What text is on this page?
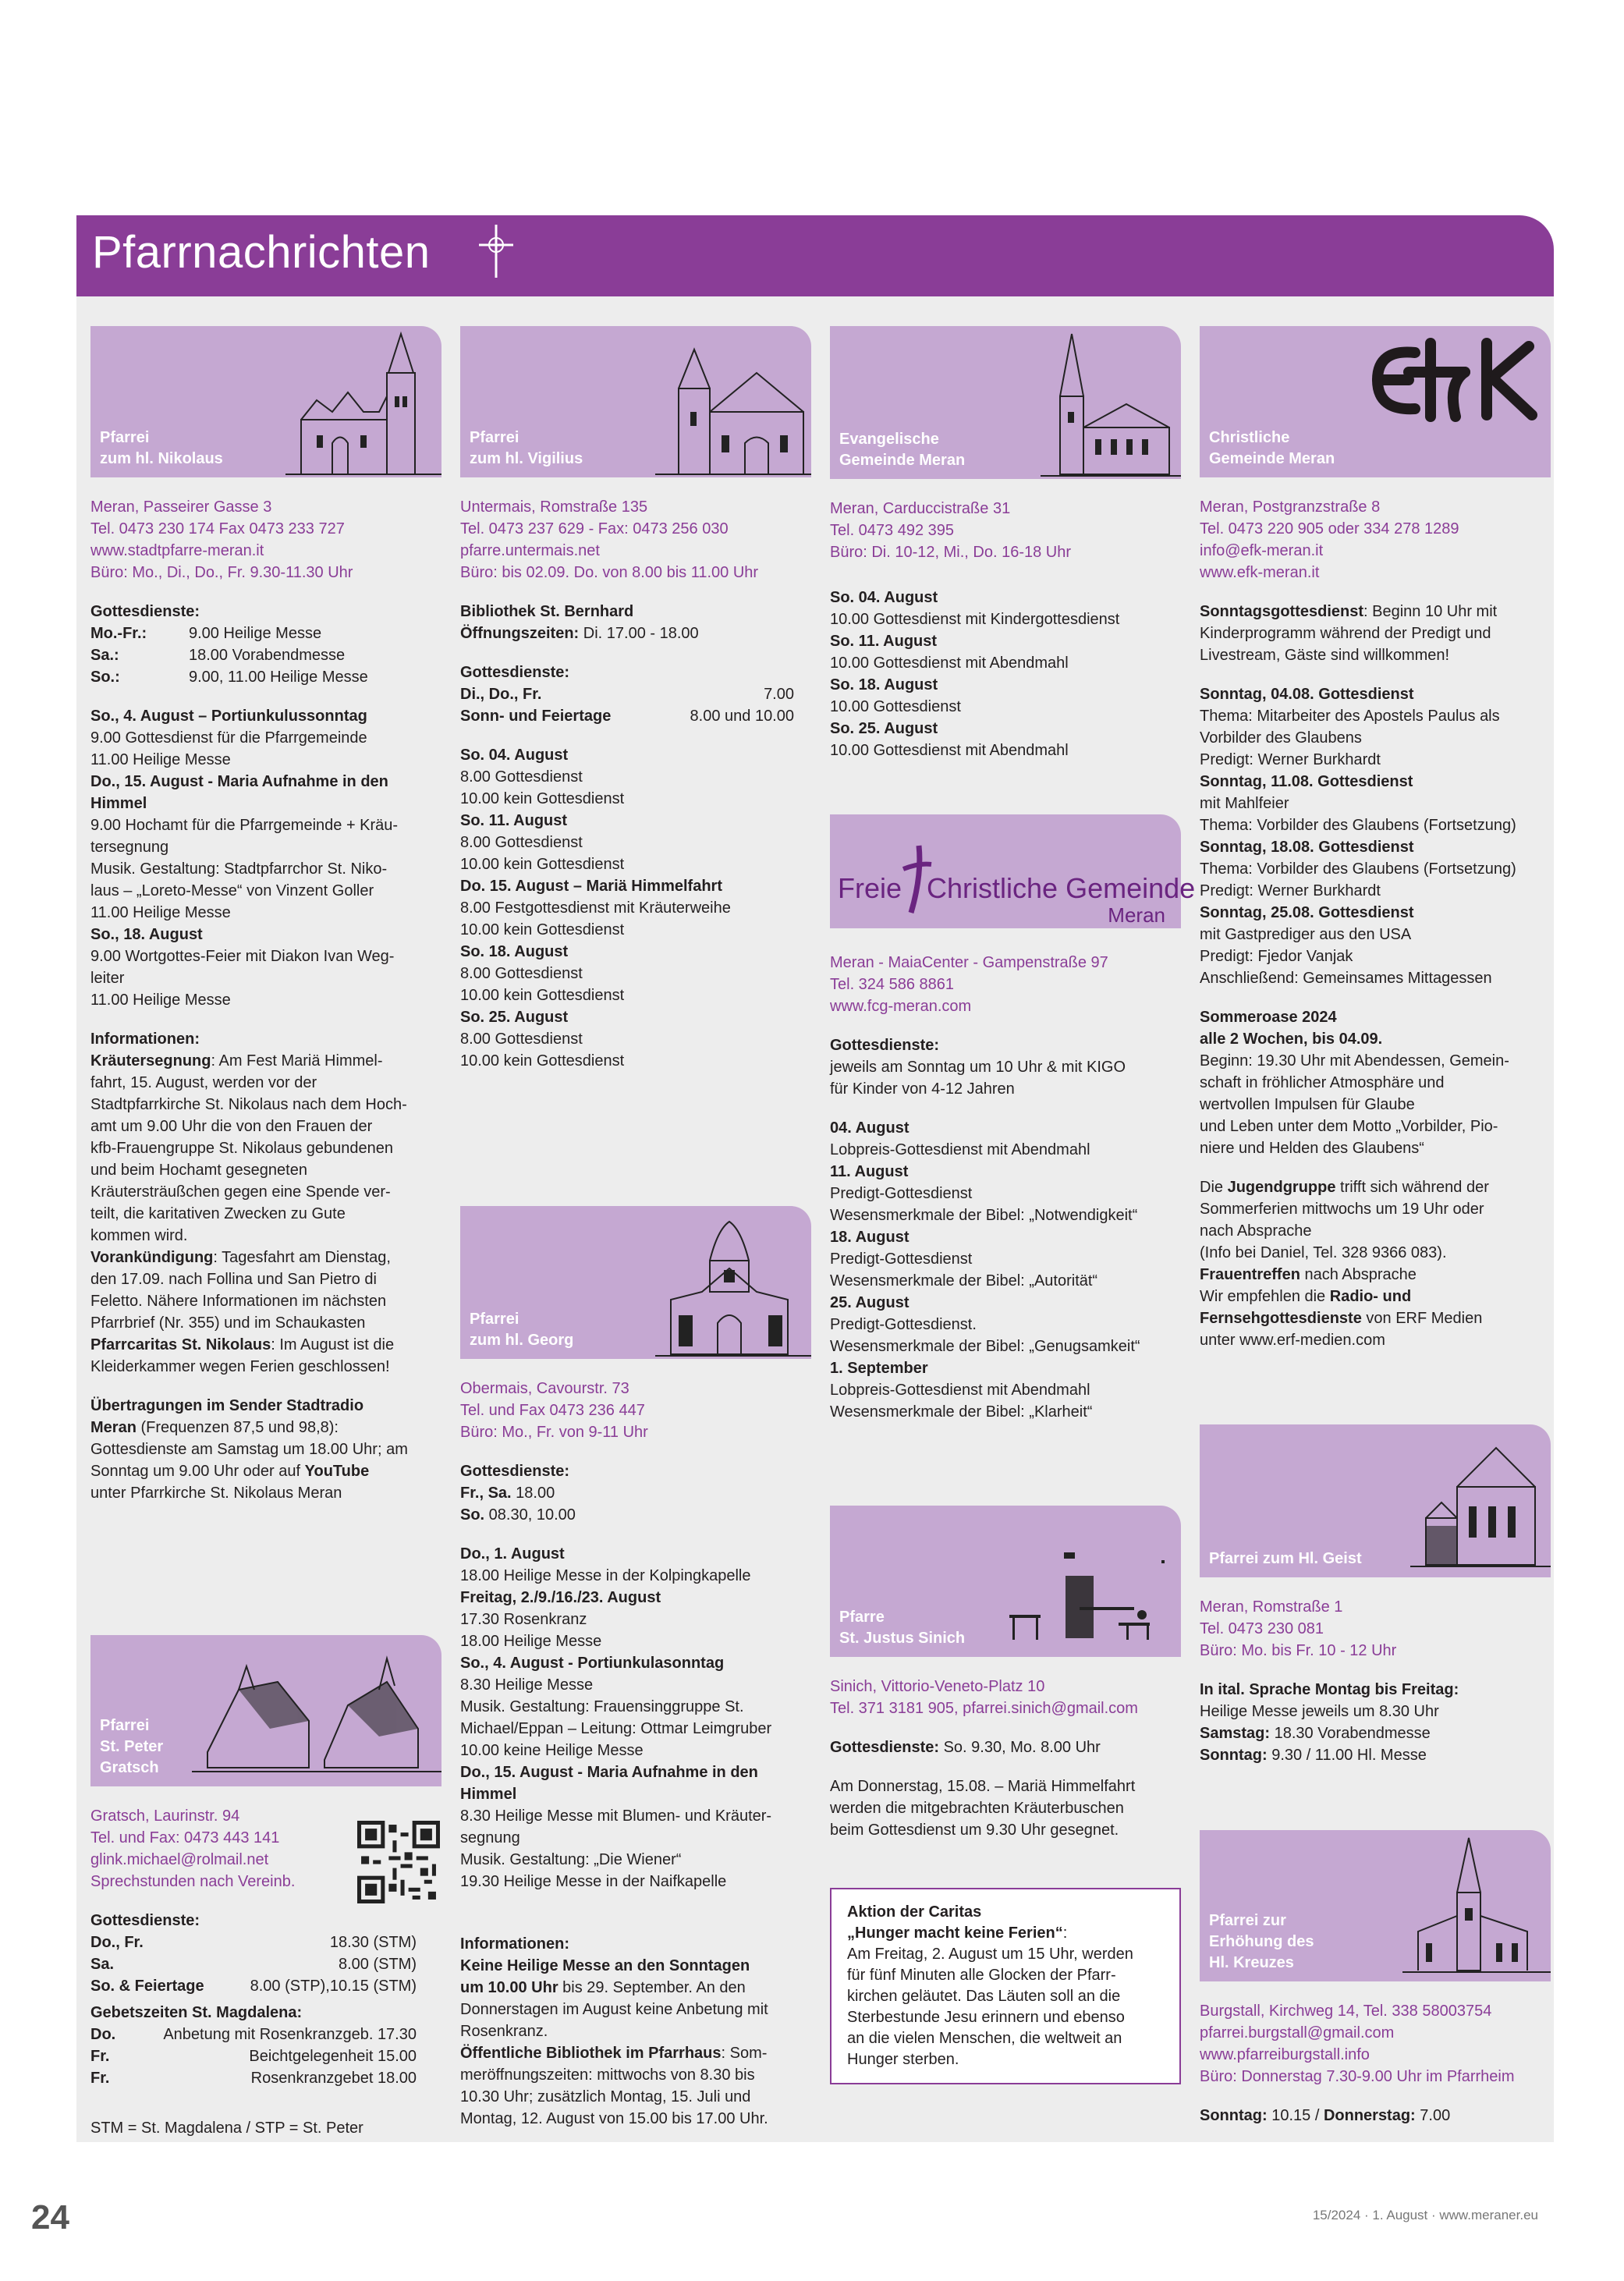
Pfarrnachrichten
Pfarrei
zum hl. Nikolaus
Meran, Passeirer Gasse 3
Tel. 0473 230 174 Fax 0473 233 727
www.stadtpfarre-meran.it
Büro: Mo., Di., Do., Fr. 9.30-11.30 Uhr
Gottesdienste:
Mo.-Fr.:	9.00 Heilige Messe
Sa.:	18.00 Vorabendmesse
So.:	9.00, 11.00 Heilige Messe
So., 4. August – Portiunkulussonntag
9.00 Gottesdienst für die Pfarrgemeinde
11.00 Heilige Messe
Do., 15. August - Maria Aufnahme in den
Himmel
9.00 Hochamt für die Pfarrgemeinde + Kräu-
tersegnung
Musik. Gestaltung: Stadtpfarrchor St. Niko-
laus – „Loreto-Messe“ von Vinzent Goller
11.00 Heilige Messe
So., 18. August
9.00 Wortgottes-Feier mit Diakon Ivan Weg-
leiter
11.00 Heilige Messe
Informationen:
Kräutersegnung: Am Fest Mariä Himmel-
fahrt, 15. August, werden vor der
Stadtpfarrkirche St. Nikolaus nach dem Hoch-
amt um 9.00 Uhr die von den Frauen der
kfb-Frauengruppe St. Nikolaus gebundenen
und beim Hochamt gesegneten
Kräutersträußchen gegen eine Spende ver-
teilt, die karitativen Zwecken zu Gute
kommen wird.
Vorankündigung: Tagesfahrt am Dienstag,
den 17.09. nach Follina und San Pietro di
Feletto. Nähere Informationen im nächsten
Pfarrbrief (Nr. 355) und im Schaukasten
Pfarrcaritas St. Nikolaus: Im August ist die
Kleiderkammer wegen Ferien geschlossen!
Übertragungen im Sender Stadtradio
Meran (Frequenzen 87,5 und 98,8):
Gottesdienste am Samstag um 18.00 Uhr; am
Sonntag um 9.00 Uhr oder auf YouTube
unter Pfarrkirche St. Nikolaus Meran
Pfarrei
St. Peter
Gratsch
Gratsch, Laurinstr. 94
Tel. und Fax: 0473 443 141
glink.michael@rolmail.net
Sprechstunden nach Vereinb.
Gottesdienste:
Do., Fr.	18.30 (STM)
Sa.	8.00 (STM)
So. & Feiertage	8.00 (STP),10.15 (STM)
Gebetszeiten St. Magdalena:
Do.	Anbetung mit Rosenkranzgeb. 17.30
Fr.	Beichtgelegenheit 15.00
Fr.	Rosenkranzgebet 18.00
STM = St. Magdalena / STP = St. Peter
Pfarrei
zum hl. Vigilius
Untermais, Romstraße 135
Tel. 0473 237 629 - Fax: 0473 256 030
pfarre.untermais.net
Büro: bis 02.09. Do. von 8.00 bis 11.00 Uhr
Bibliothek St. Bernhard
Öffnungszeiten: Di. 17.00 - 18.00
Gottesdienste:
Di., Do., Fr.	7.00
Sonn- und Feiertage	8.00 und 10.00
So. 04. August
8.00 Gottesdienst
10.00 kein Gottesdienst
So. 11. August
8.00 Gottesdienst
10.00 kein Gottesdienst
Do. 15. August – Mariä Himmelfahrt
8.00 Festgottesdienst mit Kräuterweihe
10.00 kein Gottesdienst
So. 18. August
8.00 Gottesdienst
10.00 kein Gottesdienst
So. 25. August
8.00 Gottesdienst
10.00 kein Gottesdienst
Pfarrei
zum hl. Georg
Obermais, Cavourstr. 73
Tel. und Fax 0473 236 447
Büro: Mo., Fr. von 9-11 Uhr
Gottesdienste:
Fr., Sa. 18.00
So. 08.30, 10.00
Do., 1. August
18.00 Heilige Messe in der Kolpingkapelle
Freitag, 2./9./16./23. August
17.30 Rosenkranz
18.00 Heilige Messe
So., 4. August - Portiunkulasonntag
8.30 Heilige Messe
Musik. Gestaltung: Frauensinggruppe St.
Michael/Eppan – Leitung: Ottmar Leimgruber
10.00 keine Heilige Messe
Do., 15. August - Maria Aufnahme in den
Himmel
8.30 Heilige Messe mit Blumen- und Kräuter-
segnung
Musik. Gestaltung: „Die Wiener“
19.30 Heilige Messe in der Naifkapelle
Informationen:
Keine Heilige Messe an den Sonntagen
um 10.00 Uhr bis 29. September. An den
Donnerstagen im August keine Anbetung mit
Rosenkranz.
Öffentliche Bibliothek im Pfarrhaus: Som-
meröffnungszeiten: mittwochs von 8.30 bis
10.30 Uhr; zusätzlich Montag, 15. Juli und
Montag, 12. August von 15.00 bis 17.00 Uhr.
Evangelische
Gemeinde Meran
Meran, Carduccistraße 31
Tel. 0473 492 395
Büro: Di. 10-12, Mi., Do. 16-18 Uhr
So. 04. August
10.00 Gottesdienst mit Kindergottesdienst
So. 11. August
10.00 Gottesdienst mit Abendmahl
So. 18. August
10.00 Gottesdienst
So. 25. August
10.00 Gottesdienst mit Abendmahl
Freie Christliche Gemeinde
Meran
Meran - MaiaCenter - Gampenstraße 97
Tel. 324 586 8861
www.fcg-meran.com
Gottesdienste:
jeweils am Sonntag um 10 Uhr & mit KIGO
für Kinder von 4-12 Jahren
04. August
Lobpreis-Gottesdienst mit Abendmahl
11. August
Predigt-Gottesdienst
Wesensmerkmale der Bibel: „Notwendigkeit“
18. August
Predigt-Gottesdienst
Wesensmerkmale der Bibel: „Autorität“
25. August
Predigt-Gottesdienst.
Wesensmerkmale der Bibel: „Genugsamkeit“
1. September
Lobpreis-Gottesdienst mit Abendmahl
Wesensmerkmale der Bibel: „Klarheit“
Pfarre
St. Justus Sinich
Sinich, Vittorio-Veneto-Platz 10
Tel. 371 3181 905, pfarrei.sinich@gmail.com
Gottesdienste: So. 9.30, Mo. 8.00 Uhr
Am Donnerstag, 15.08. – Mariä Himmelfahrt
werden die mitgebrachten Kräuterbuschen
beim Gottesdienst um 9.30 Uhr gesegnet.
Aktion der Caritas
„Hunger macht keine Ferien“:
Am Freitag, 2. August um 15 Uhr, werden
für fünf Minuten alle Glocken der Pfarr-
kirchen geläutet. Das Läuten soll an die
Sterbestunde Jesu erinnern und ebenso
an die vielen Menschen, die weltweit an
Hunger sterben.
Christliche
Gemeinde Meran
Meran, Postgranzstraße 8
Tel. 0473 220 905 oder 334 278 1289
info@efk-meran.it
www.efk-meran.it
Sonntagsgottesdienst: Beginn 10 Uhr mit
Kinderprogramm während der Predigt und
Livestream, Gäste sind willkommen!
Sonntag, 04.08. Gottesdienst
Thema: Mitarbeiter des Apostels Paulus als
Vorbilder des Glaubens
Predigt: Werner Burkhardt
Sonntag, 11.08. Gottesdienst
mit Mahlfeier
Thema: Vorbilder des Glaubens (Fortsetzung)
Sonntag, 18.08. Gottesdienst
Thema: Vorbilder des Glaubens (Fortsetzung)
Predigt: Werner Burkhardt
Sonntag, 25.08. Gottesdienst
mit Gastprediger aus den USA
Predigt: Fjedor Vanjak
Anschließend: Gemeinsames Mittagessen
Sommeroase 2024
alle 2 Wochen, bis 04.09.
Beginn: 19.30 Uhr mit Abendessen, Gemein-
schaft in fröhlicher Atmosphäre und
wertvollen Impulsen für Glaube
und Leben unter dem Motto „Vorbilder, Pio-
niere und Helden des Glaubens“
Die Jugendgruppe trifft sich während der
Sommerferien mittwochs um 19 Uhr oder
nach Absprache
(Info bei Daniel, Tel. 328 9366 083).
Frauentreffen nach Absprache
Wir empfehlen die Radio- und
Fernsehgottesdienste von ERF Medien
unter www.erf-medien.com
Pfarrei zum Hl. Geist
Meran, Romstraße 1
Tel. 0473 230 081
Büro: Mo. bis Fr. 10 - 12 Uhr
In ital. Sprache Montag bis Freitag:
Heilige Messe jeweils um 8.30 Uhr
Samstag: 18.30 Vorabendmesse
Sonntag: 9.30 / 11.00 Hl. Messe
Pfarrei zur
Erhöhung des
Hl. Kreuzes
Burgstall, Kirchweg 14, Tel. 338 58003754
pfarrei.burgstall@gmail.com
www.pfarreiburgstall.info
Büro: Donnerstag 7.30-9.00 Uhr im Pfarrheim
Sonntag: 10.15 / Donnerstag: 7.00
24	15/2024 · 1. August · www.meraner.eu
